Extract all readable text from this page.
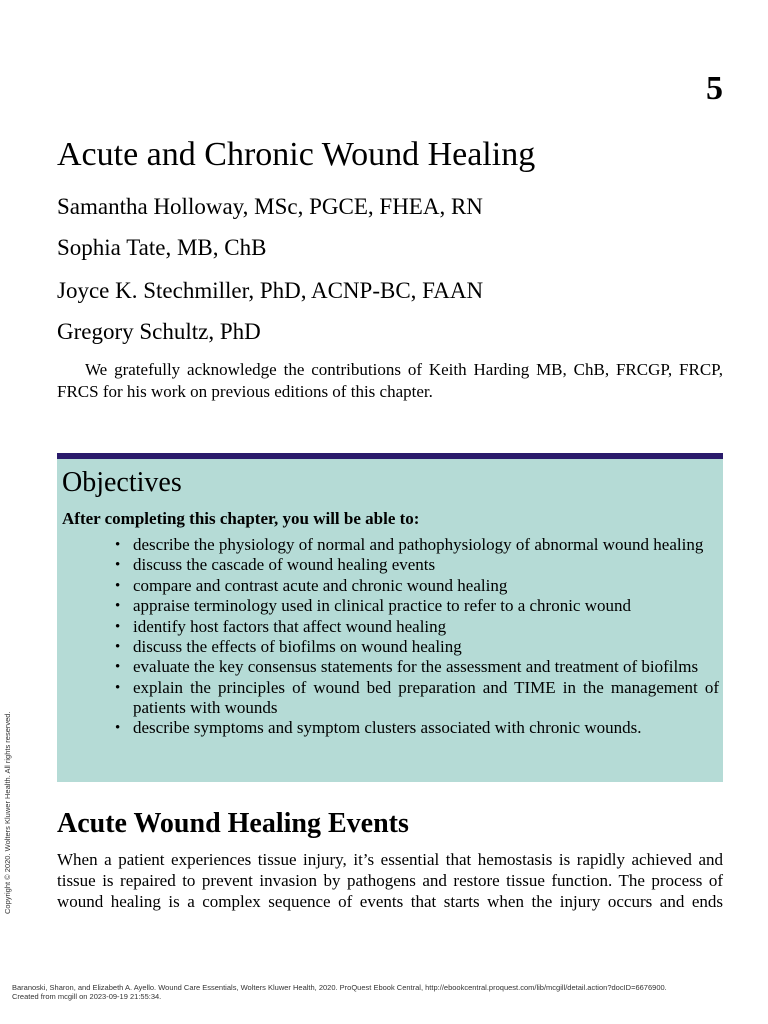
5
Acute and Chronic Wound Healing
Samantha Holloway, MSc, PGCE, FHEA, RN
Sophia Tate, MB, ChB
Joyce K. Stechmiller, PhD, ACNP-BC, FAAN
Gregory Schultz, PhD

We gratefully acknowledge the contributions of Keith Harding MB, ChB, FRCGP, FRCP, FRCS for his work on previous editions of this chapter.

Objectives
After completing this chapter, you will be able to:
• describe the physiology of normal and pathophysiology of abnormal wound healing
• discuss the cascade of wound healing events
• compare and contrast acute and chronic wound healing
• appraise terminology used in clinical practice to refer to a chronic wound
• identify host factors that affect wound healing
• discuss the effects of biofilms on wound healing
• evaluate the key consensus statements for the assessment and treatment of biofilms
• explain the principles of wound bed preparation and TIME in the management of patients with wounds
• describe symptoms and symptom clusters associated with chronic wounds.
Acute Wound Healing Events

When a patient experiences tissue injury, it’s essential that hemostasis is rapidly achieved and tissue is repaired to prevent invasion by pathogens and restore tissue function. The process of wound healing is a complex sequence of events that starts when the injury occurs and ends

Copyright © 2020. Wolters Kluwer Health. All rights reserved.
Baranoski, Sharon, and Elizabeth A. Ayello. Wound Care Essentials, Wolters Kluwer Health, 2020. ProQuest Ebook Central, http://ebookcentral.proquest.com/lib/mcgill/detail.action?docID=6676900.
Created from mcgill on 2023-09-19 21:55:34.
